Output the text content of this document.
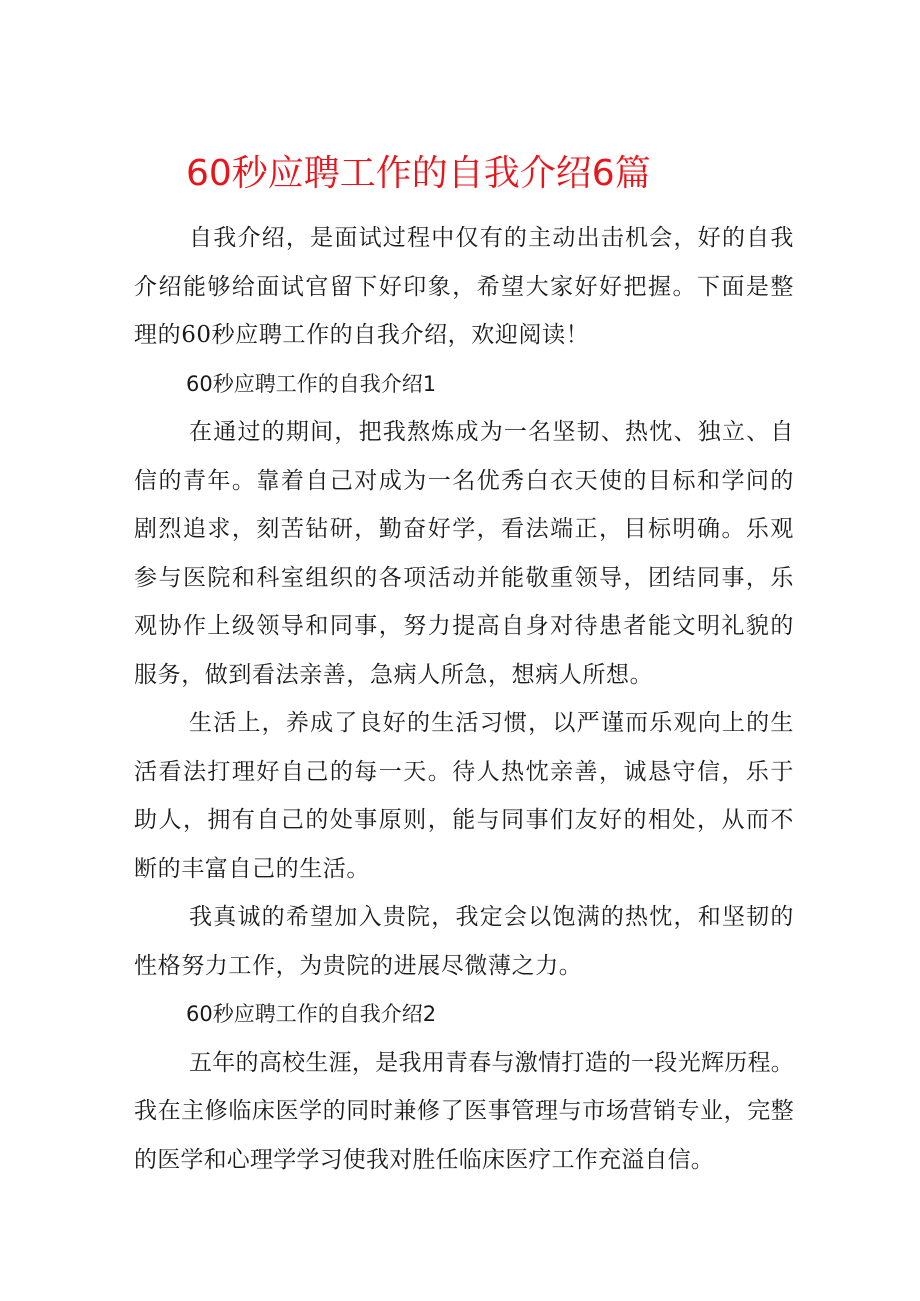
60秒应聘工作的自我介绍6篇

自我介绍，是面试过程中仅有的主动出击机会，好的自我介绍能够给面试官留下好印象，希望大家好好把握。下面是整理的60秒应聘工作的自我介绍，欢迎阅读！

60秒应聘工作的自我介绍1

在通过的期间，把我熬炼成为一名坚韧、热忱、独立、自信的青年。靠着自己对成为一名优秀白衣天使的目标和学问的剧烈追求，刻苦钻研，勤奋好学，看法端正，目标明确。乐观参与医院和科室组织的各项活动并能敬重领导，团结同事，乐观协作上级领导和同事，努力提高自身对待患者能文明礼貌的服务，做到看法亲善，急病人所急，想病人所想。

生活上，养成了良好的生活习惯，以严谨而乐观向上的生活看法打理好自己的每一天。待人热忱亲善，诚恳守信，乐于助人，拥有自己的处事原则，能与同事们友好的相处，从而不断的丰富自己的生活。

我真诚的希望加入贵院，我定会以饱满的热忱，和坚韧的性格努力工作，为贵院的进展尽微薄之力。

60秒应聘工作的自我介绍2

五年的高校生涯，是我用青春与激情打造的一段光辉历程。我在主修临床医学的同时兼修了医事管理与市场营销专业，完整的医学和心理学学习使我对胜任临床医疗工作充溢自信。
